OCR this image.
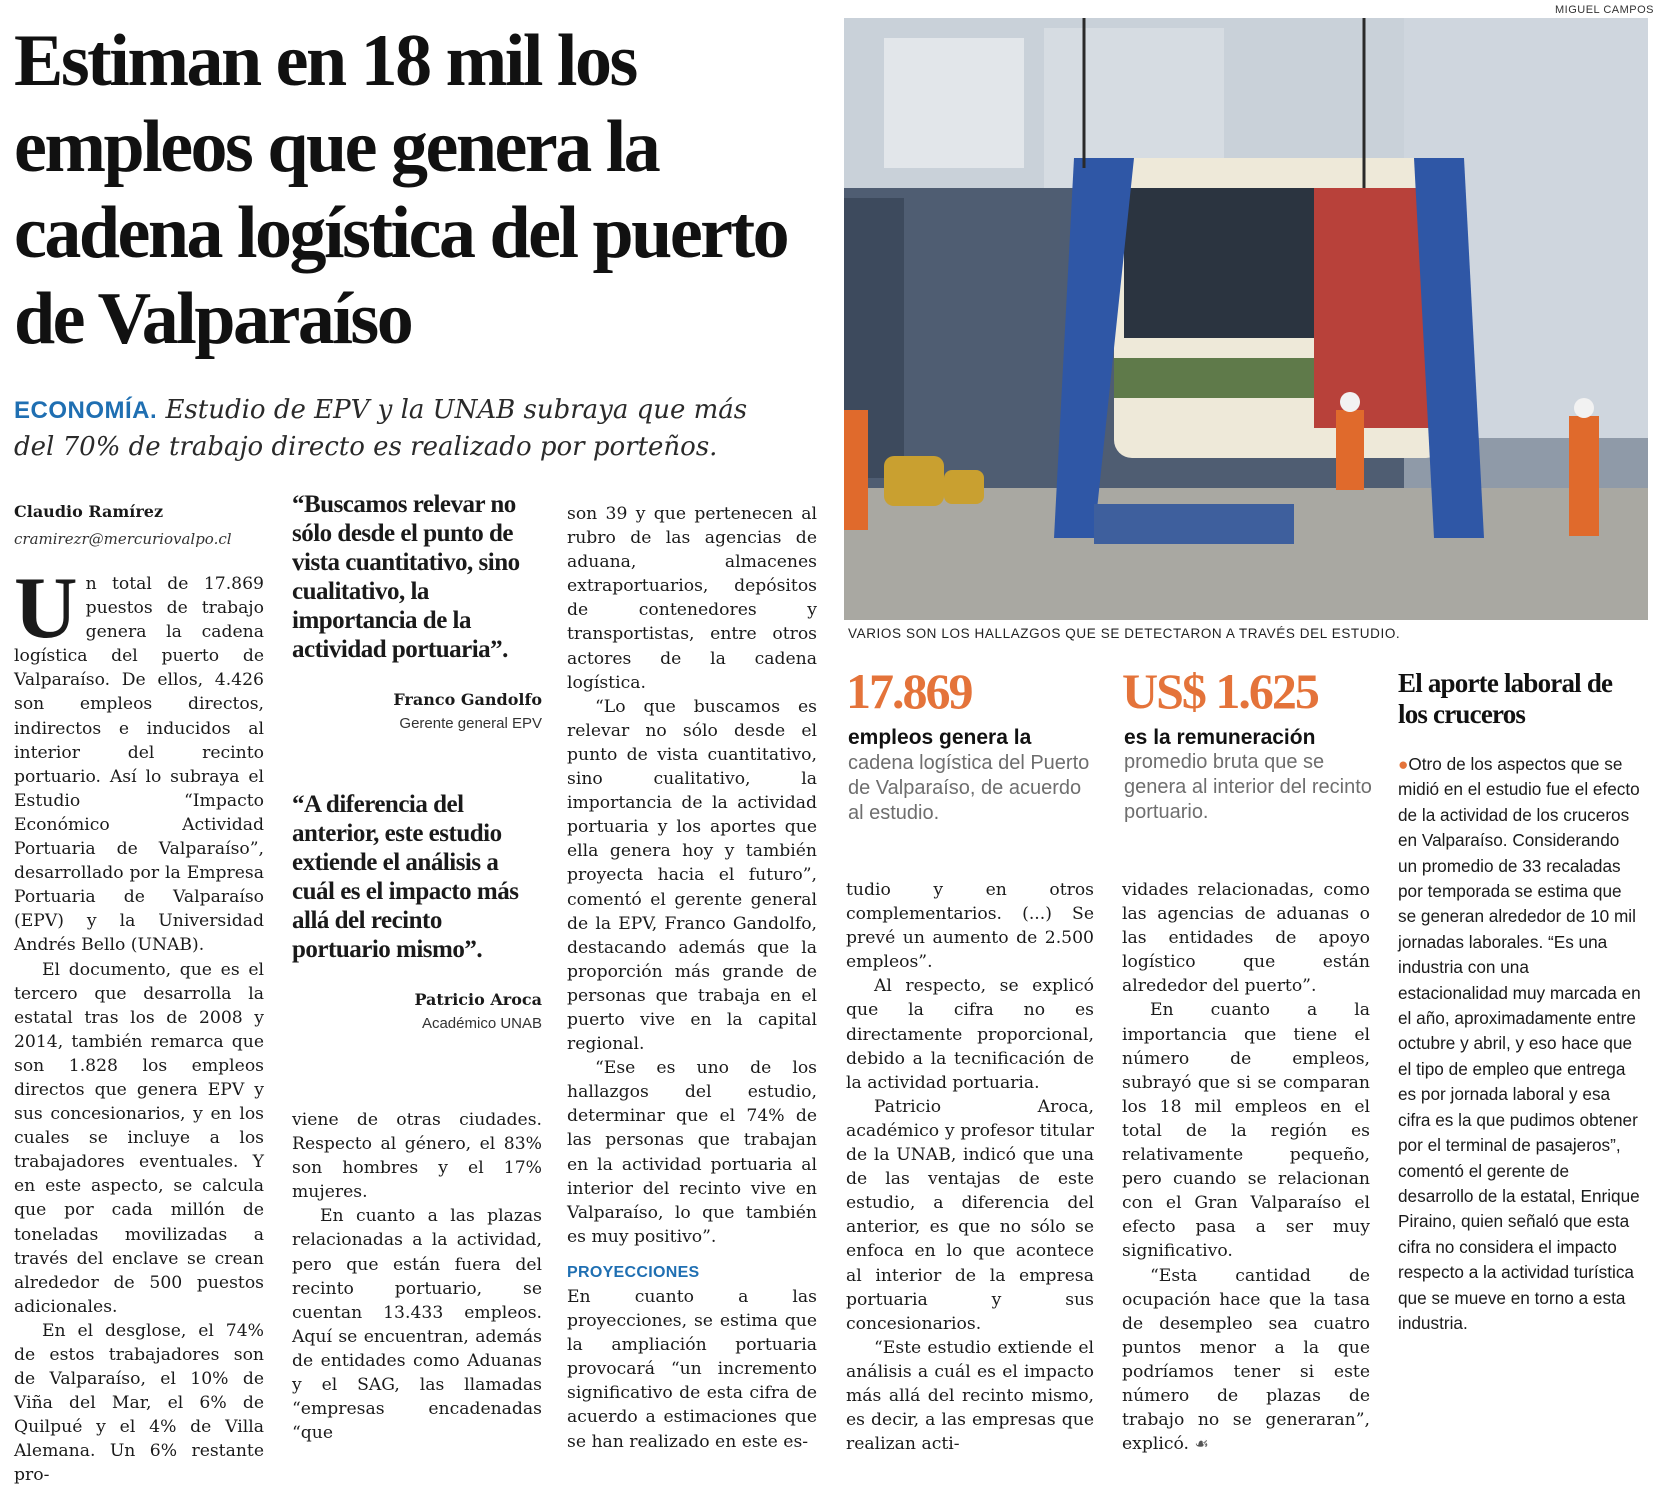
Estiman en 18 mil los empleos que genera la cadena logística del puerto de Valparaíso

ECONOMÍA. Estudio de EPV y la UNAB subraya que más del 70% de trabajo directo es realizado por porteños.

Claudio Ramírez
cramirezr@mercuriovalpo.cl

Un total de 17.869 puestos de trabajo genera la cadena logística del puerto de Valparaíso. De ellos, 4.426 son empleos directos, indirectos e inducidos al interior del recinto portuario. Así lo subraya el Estudio “Impacto Económico Actividad Portuaria de Valparaíso”, desarrollado por la Empresa Portuaria de Valparaíso (EPV) y la Universidad Andrés Bello (UNAB).

El documento, que es el tercero que desarrolla la estatal tras los de 2008 y 2014, también remarca que son 1.828 los empleos directos que genera EPV y sus concesionarios, y en los cuales se incluye a los trabajadores eventuales. Y en este aspecto, se calcula que por cada millón de toneladas movilizadas a través del enclave se crean alrededor de 500 puestos adicionales.

En el desglose, el 74% de estos trabajadores son de Valparaíso, el 10% de Viña del Mar, el 6% de Quilpué y el 4% de Villa Alemana. Un 6% restante pro-

“Buscamos relevar no sólo desde el punto de vista cuantitativo, sino cualitativo, la importancia de la actividad portuaria”.
Franco Gandolfo
Gerente general EPV
“A diferencia del anterior, este estudio extiende el análisis a cuál es el impacto más allá del recinto portuario mismo”.
Patricio Aroca
Académico UNAB

viene de otras ciudades. Respecto al género, el 83% son hombres y el 17% mujeres.

En cuanto a las plazas relacionadas a la actividad, pero que están fuera del recinto portuario, se cuentan 13.433 empleos. Aquí se encuentran, además de entidades como Aduanas y el SAG, las llamadas “empresas encadenadas “que

son 39 y que pertenecen al rubro de las agencias de aduana, almacenes extraportuarios, depósitos de contenedores y transportistas, entre otros actores de la cadena logística.

“Lo que buscamos es relevar no sólo desde el punto de vista cuantitativo, sino cualitativo, la importancia de la actividad portuaria y los aportes que ella genera hoy y también proyecta hacia el futuro”, comentó el gerente general de la EPV, Franco Gandolfo, destacando además que la proporción más grande de personas que trabaja en el puerto vive en la capital regional.

“Ese es uno de los hallazgos del estudio, determinar que el 74% de las personas que trabajan en la actividad portuaria al interior del recinto vive en Valparaíso, lo que también es muy positivo”.

PROYECCIONES

En cuanto a las proyecciones, se estima que la ampliación portuaria provocará “un incremento significativo de esta cifra de acuerdo a estimaciones que se han realizado en este es-

MIGUEL CAMPOS
VARIOS SON LOS HALLAZGOS QUE SE DETECTARON A TRAVÉS DEL ESTUDIO.
17.869
empleos genera la cadena logística del Puerto de Valparaíso, de acuerdo al estudio.
US$ 1.625
es la remuneración
promedio bruta que se genera al interior del recinto portuario.

tudio y en otros complementarios. (...) Se prevé un aumento de 2.500 empleos”.

Al respecto, se explicó que la cifra no es directamente proporcional, debido a la tecnificación de la actividad portuaria.

Patricio Aroca, académico y profesor titular de la UNAB, indicó que una de las ventajas de este estudio, a diferencia del anterior, es que no sólo se enfoca en lo que acontece al interior de la empresa portuaria y sus concesionarios.

“Este estudio extiende el análisis a cuál es el impacto más allá del recinto mismo, es decir, a las empresas que realizan acti-

vidades relacionadas, como las agencias de aduanas o las entidades de apoyo logístico que están alrededor del puerto”.

En cuanto a la importancia que tiene el número de empleos, subrayó que si se comparan los 18 mil empleos en el total de la región es relativamente pequeño, pero cuando se relacionan con el Gran Valparaíso el efecto pasa a ser muy significativo.

“Esta cantidad de ocupación hace que la tasa de desempleo sea cuatro puntos menor a la que podríamos tener si este número de plazas de trabajo no se generaran”, explicó. ☙

El aporte laboral de los cruceros
●Otro de los aspectos que se midió en el estudio fue el efecto de la actividad de los cruceros en Valparaíso. Considerando un promedio de 33 recaladas por temporada se estima que se generan alrededor de 10 mil jornadas laborales. “Es una industria con una estacionalidad muy marcada en el año, aproximadamente entre octubre y abril, y eso hace que el tipo de empleo que entrega es por jornada laboral y esa cifra es la que pudimos obtener por el terminal de pasajeros”, comentó el gerente de desarrollo de la estatal, Enrique Piraino, quien señaló que esta cifra no considera el impacto respecto a la actividad turística que se mueve en torno a esta industria.
